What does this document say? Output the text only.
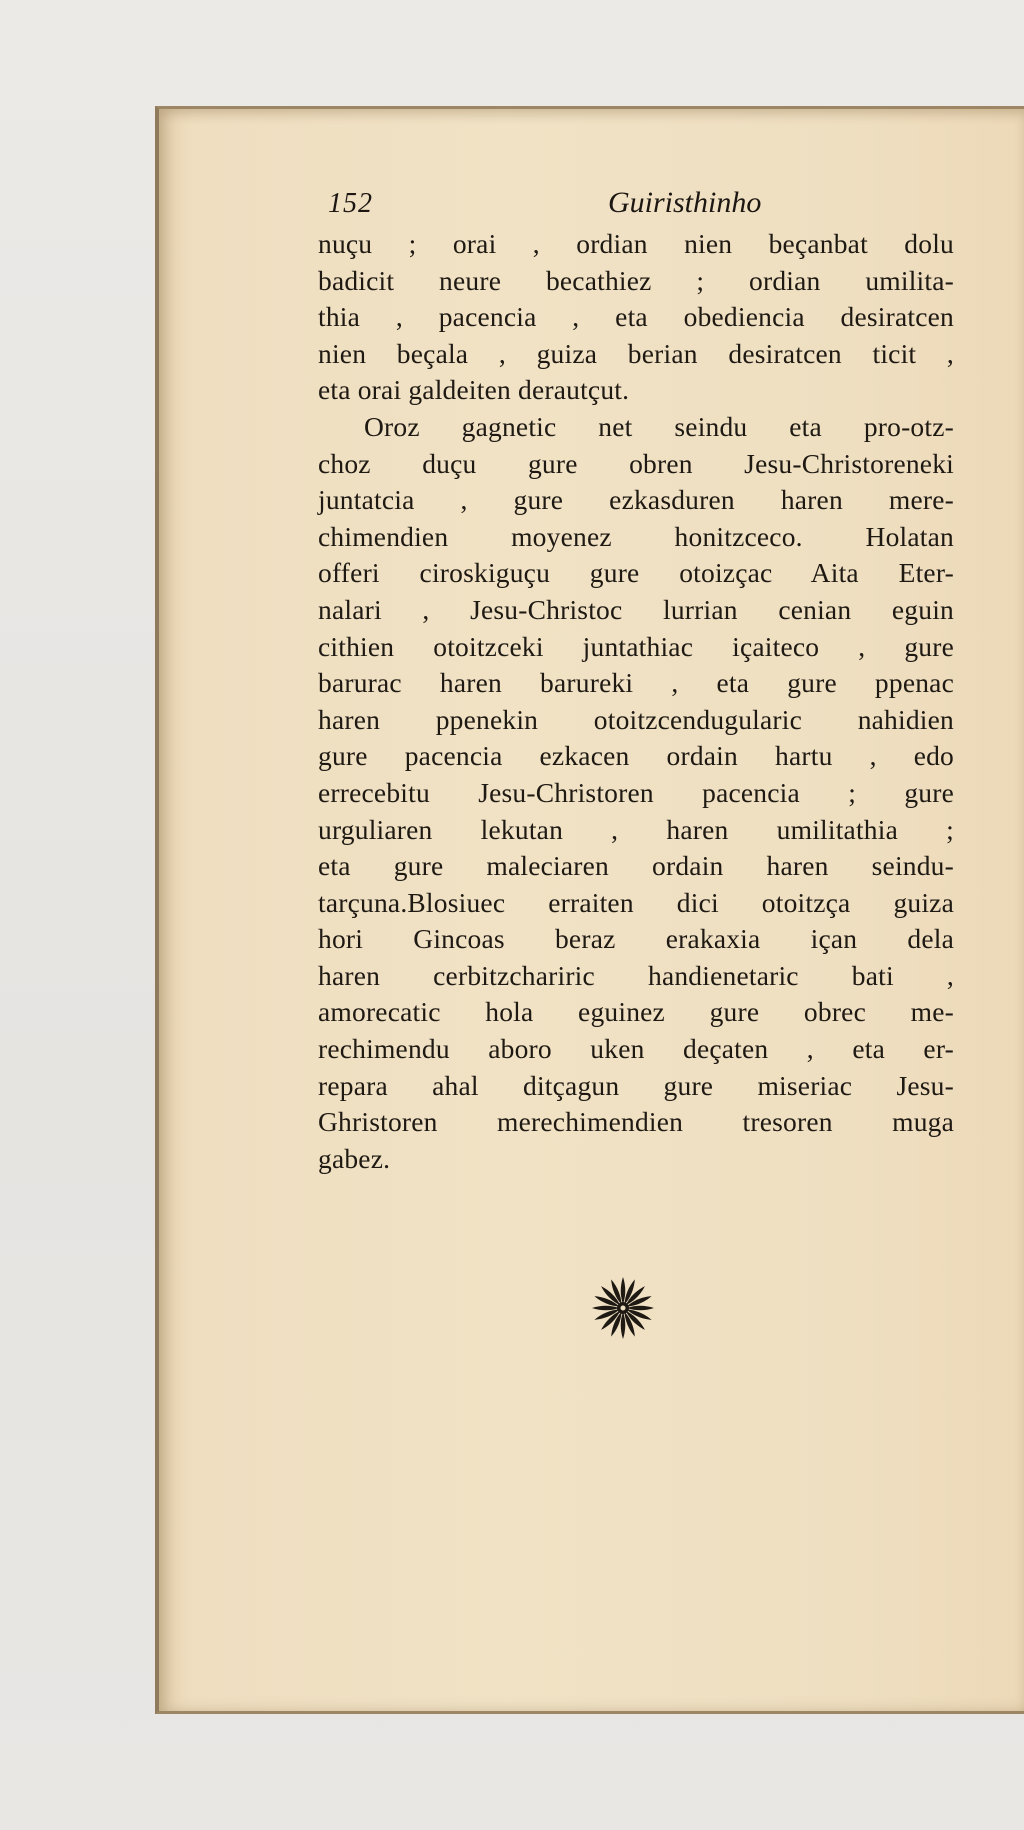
152	Guiristhinho
nuçu ; orai , ordian nien beçanbat dolu
badicit neure becathiez ; ordian umilita-
thia , pacencia , eta obediencia desiratcen
nien beçala , guiza berian desiratcen ticit ,
eta orai galdeiten derautçut.
Oroz gagnetic net seindu eta pro-otz-
choz duçu gure obren Jesu-Christoreneki
juntatcia , gure ezkasduren haren mere-
chimendien moyenez honitzceco. Holatan
offeri ciroskiguçu gure otoizçac Aita Eter-
nalari , Jesu-Christoc lurrian cenian eguin
cithien otoitzceki juntathiac içaiteco , gure
barurac haren barureki , eta gure ppenac
haren ppenekin otoitzcendugularic nahidien
gure pacencia ezkacen ordain hartu , edo
errecebitu Jesu-Christoren pacencia ; gure
urguliaren lekutan , haren umilitathia ;
eta gure maleciaren ordain haren seindu-
tarçuna.Blosiuec erraiten dici otoitzça guiza
hori Gincoas beraz erakaxia içan dela
haren cerbitzchariric handienetaric bati ,
amorecatic hola eguinez gure obrec me-
rechimendu aboro uken deçaten , eta er-
repara ahal ditçagun gure miseriac Jesu-
Ghristoren merechimendien tresoren muga
gabez.
